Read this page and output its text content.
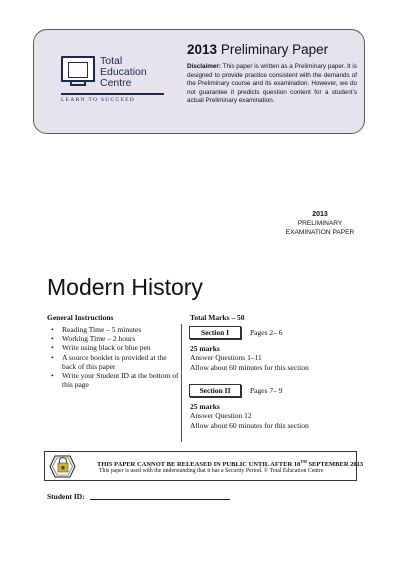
Total
Education
Centre
LEARN TO SUCCEED
2013 Preliminary Paper
Disclaimer: This paper is written as a Preliminary paper. It is designed to provide practice consistent with the demands of the Preliminary course and its examination. However, we do not guarantee it predicts question content for a student’s actual Preliminary examination.
2013
PRELIMINARY
EXAMINATION PAPER
Modern History
General Instructions
• Reading Time – 5 minutes
• Working Time – 2 hours
• Write using black or blue pen
• A source booklet is provided at the back of this paper
• Write your Student ID at the bottom of this page
Total Marks – 50
Section I	Pages 2– 6
25 marks
Answer Questions 1–11
Allow about 60 minutes for this section
Section II	Pages 7– 9
25 marks
Answer Question 12
Allow about 60 minutes for this section
THIS PAPER CANNOT BE RELEASED IN PUBLIC UNTIL AFTER 18TH SEPTEMBER 2013
This paper is used with the understanding that it has a Security Period. © Total Education Centre
Student ID:
